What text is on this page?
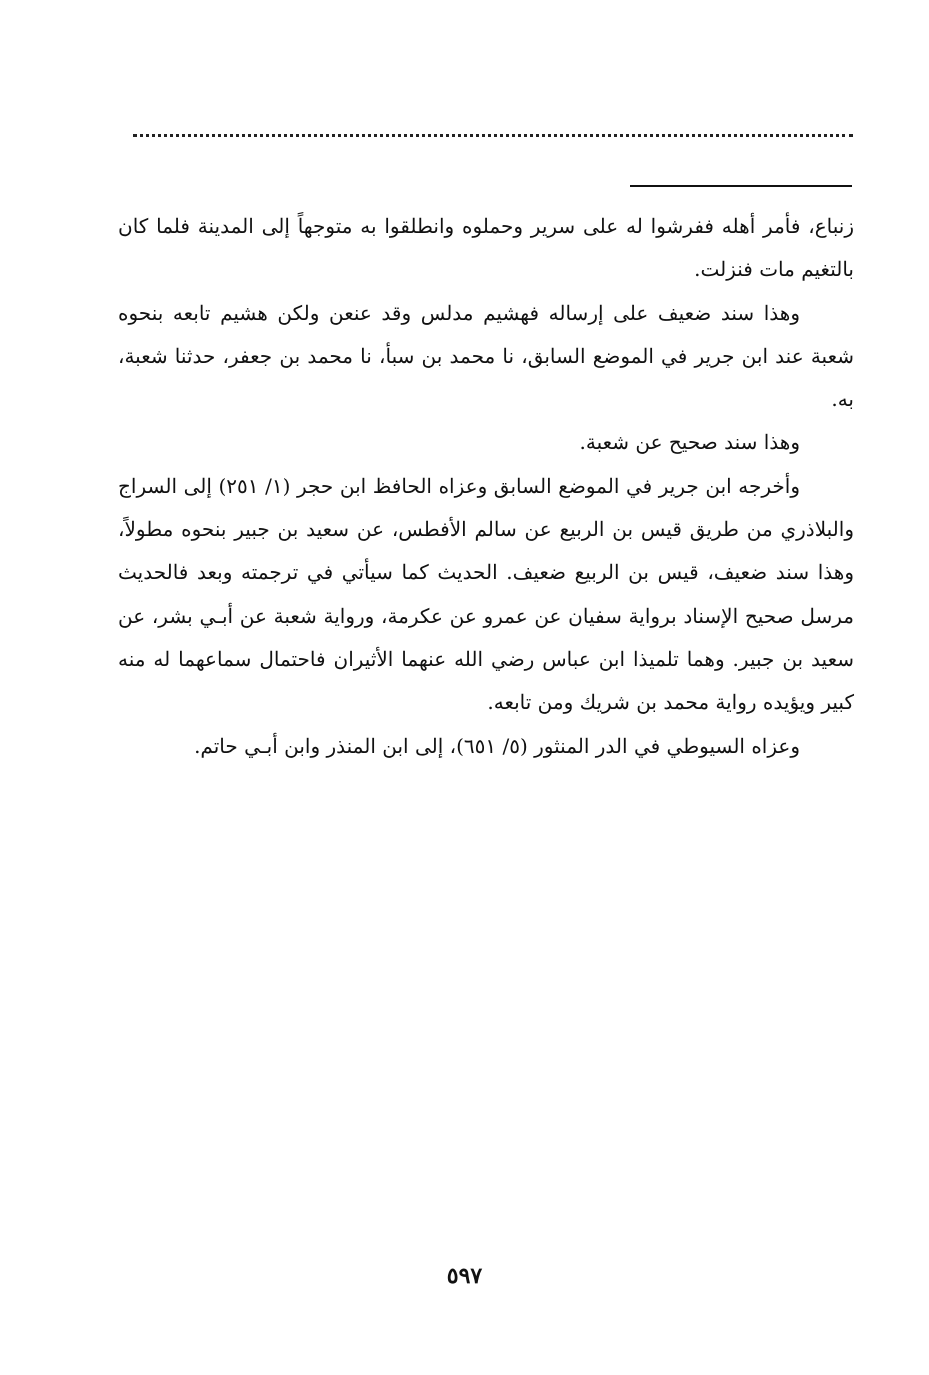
زنباع، فأمر أهله ففرشوا له على سرير وحملوه وانطلقوا به متوجهاً إلى المدينة فلما كان بالتغيم مات فنزلت.

وهذا سند ضعيف على إرساله فهشيم مدلس وقد عنعن ولكن هشيم تابعه بنحوه شعبة عند ابن جرير في الموضع السابق، نا محمد بن سبأ، نا محمد بن جعفر، حدثنا شعبة، به.

وهذا سند صحيح عن شعبة.

وأخرجه ابن جرير في الموضع السابق وعزاه الحافظ ابن حجر (١/ ٢٥١) إلى السراج والبلاذري من طريق قيس بن الربيع عن سالم الأفطس، عن سعيد بن جبير بنحوه مطولاً، وهذا سند ضعيف، قيس بن الربيع ضعيف. الحديث كما سيأتي في ترجمته وبعد فالحديث مرسل صحيح الإسناد برواية سفيان عن عمرو عن عكرمة، ورواية شعبة عن أبـي بشر، عن سعيد بن جبير. وهما تلميذا ابن عباس رضي الله عنهما الأثيران فاحتمال سماعهما له منه كبير ويؤيده رواية محمد بن شريك ومن تابعه.

وعزاه السيوطي في الدر المنثور (٥/ ٦٥١)، إلى ابن المنذر وابن أبـي حاتم.

٥٩٧
